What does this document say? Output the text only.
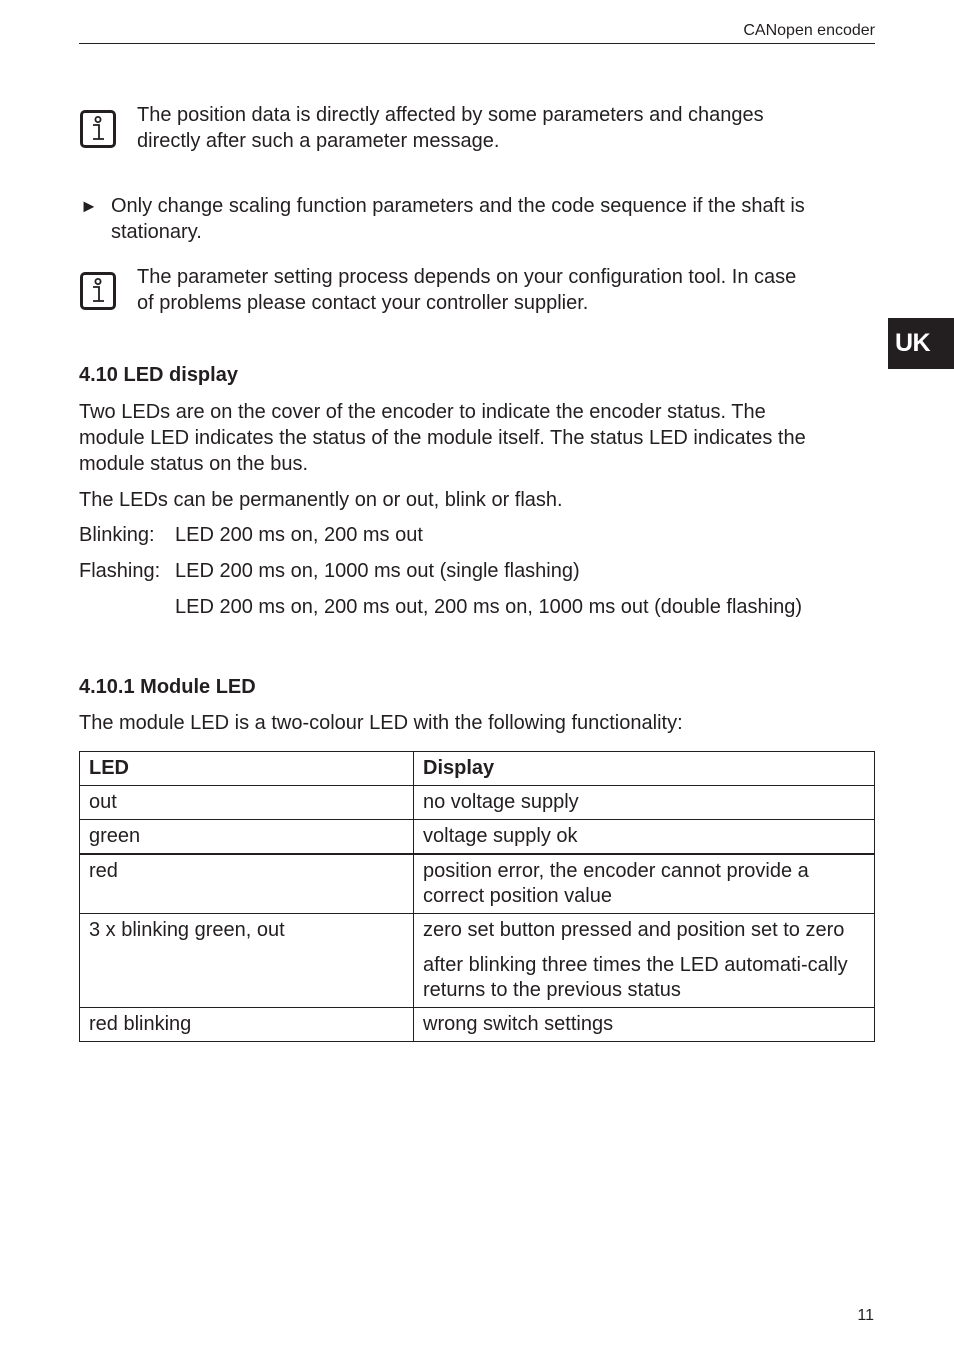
CANopen encoder
UK
The position data is directly affected by some parameters and changes
directly after such a parameter message.
► Only change scaling function parameters and the code sequence if the shaft is
stationary.
The parameter setting process depends on your configuration tool. In case
of problems please contact your controller supplier.
4.10 LED display
Two LEDs are on the cover of the encoder to indicate the encoder status. The
module LED indicates the status of the module itself. The status LED indicates the
module status on the bus.
The LEDs can be permanently on or out, blink or flash.
Blinking: LED 200 ms on, 200 ms out
Flashing: LED 200 ms on, 1000 ms out (single flashing)
LED 200 ms on, 200 ms out, 200 ms on, 1000 ms out (double flashing)
4.10.1 Module LED
The module LED is a two-colour LED with the following functionality:
LED	Display
out	no voltage supply
green	voltage supply ok
red	position error, the encoder cannot provide a correct position value
3 x blinking green, out	zero set button pressed and position set to zero

after blinking three times the LED automati-cally returns to the previous status

red blinking	wrong switch settings
11
